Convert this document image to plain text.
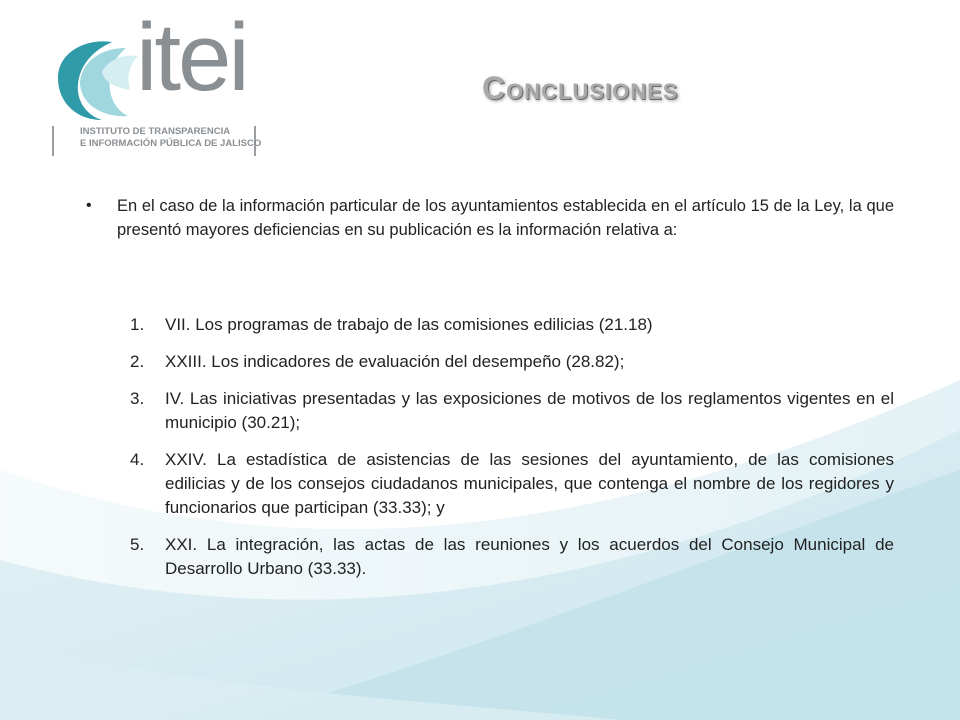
itei
INSTITUTO DE TRANSPARENCIA
E INFORMACIÓN PÚBLICA DE JALISCO
Conclusiones
• En el caso de la información particular de los ayuntamientos establecida en el artículo 15 de la Ley, la que presentó mayores deficiencias en su publicación es la información relativa a:
1. VII. Los programas de trabajo de las comisiones edilicias (21.18)
2. XXIII. Los indicadores de evaluación del desempeño (28.82);
3. IV. Las iniciativas presentadas y las exposiciones de motivos de los reglamentos vigentes en el municipio (30.21);
4. XXIV. La estadística de asistencias de las sesiones del ayuntamiento, de las comisiones edilicias y de los consejos ciudadanos municipales, que contenga el nombre de los regidores y funcionarios que participan (33.33); y
5. XXI. La integración, las actas de las reuniones y los acuerdos del Consejo Municipal de Desarrollo Urbano (33.33).
